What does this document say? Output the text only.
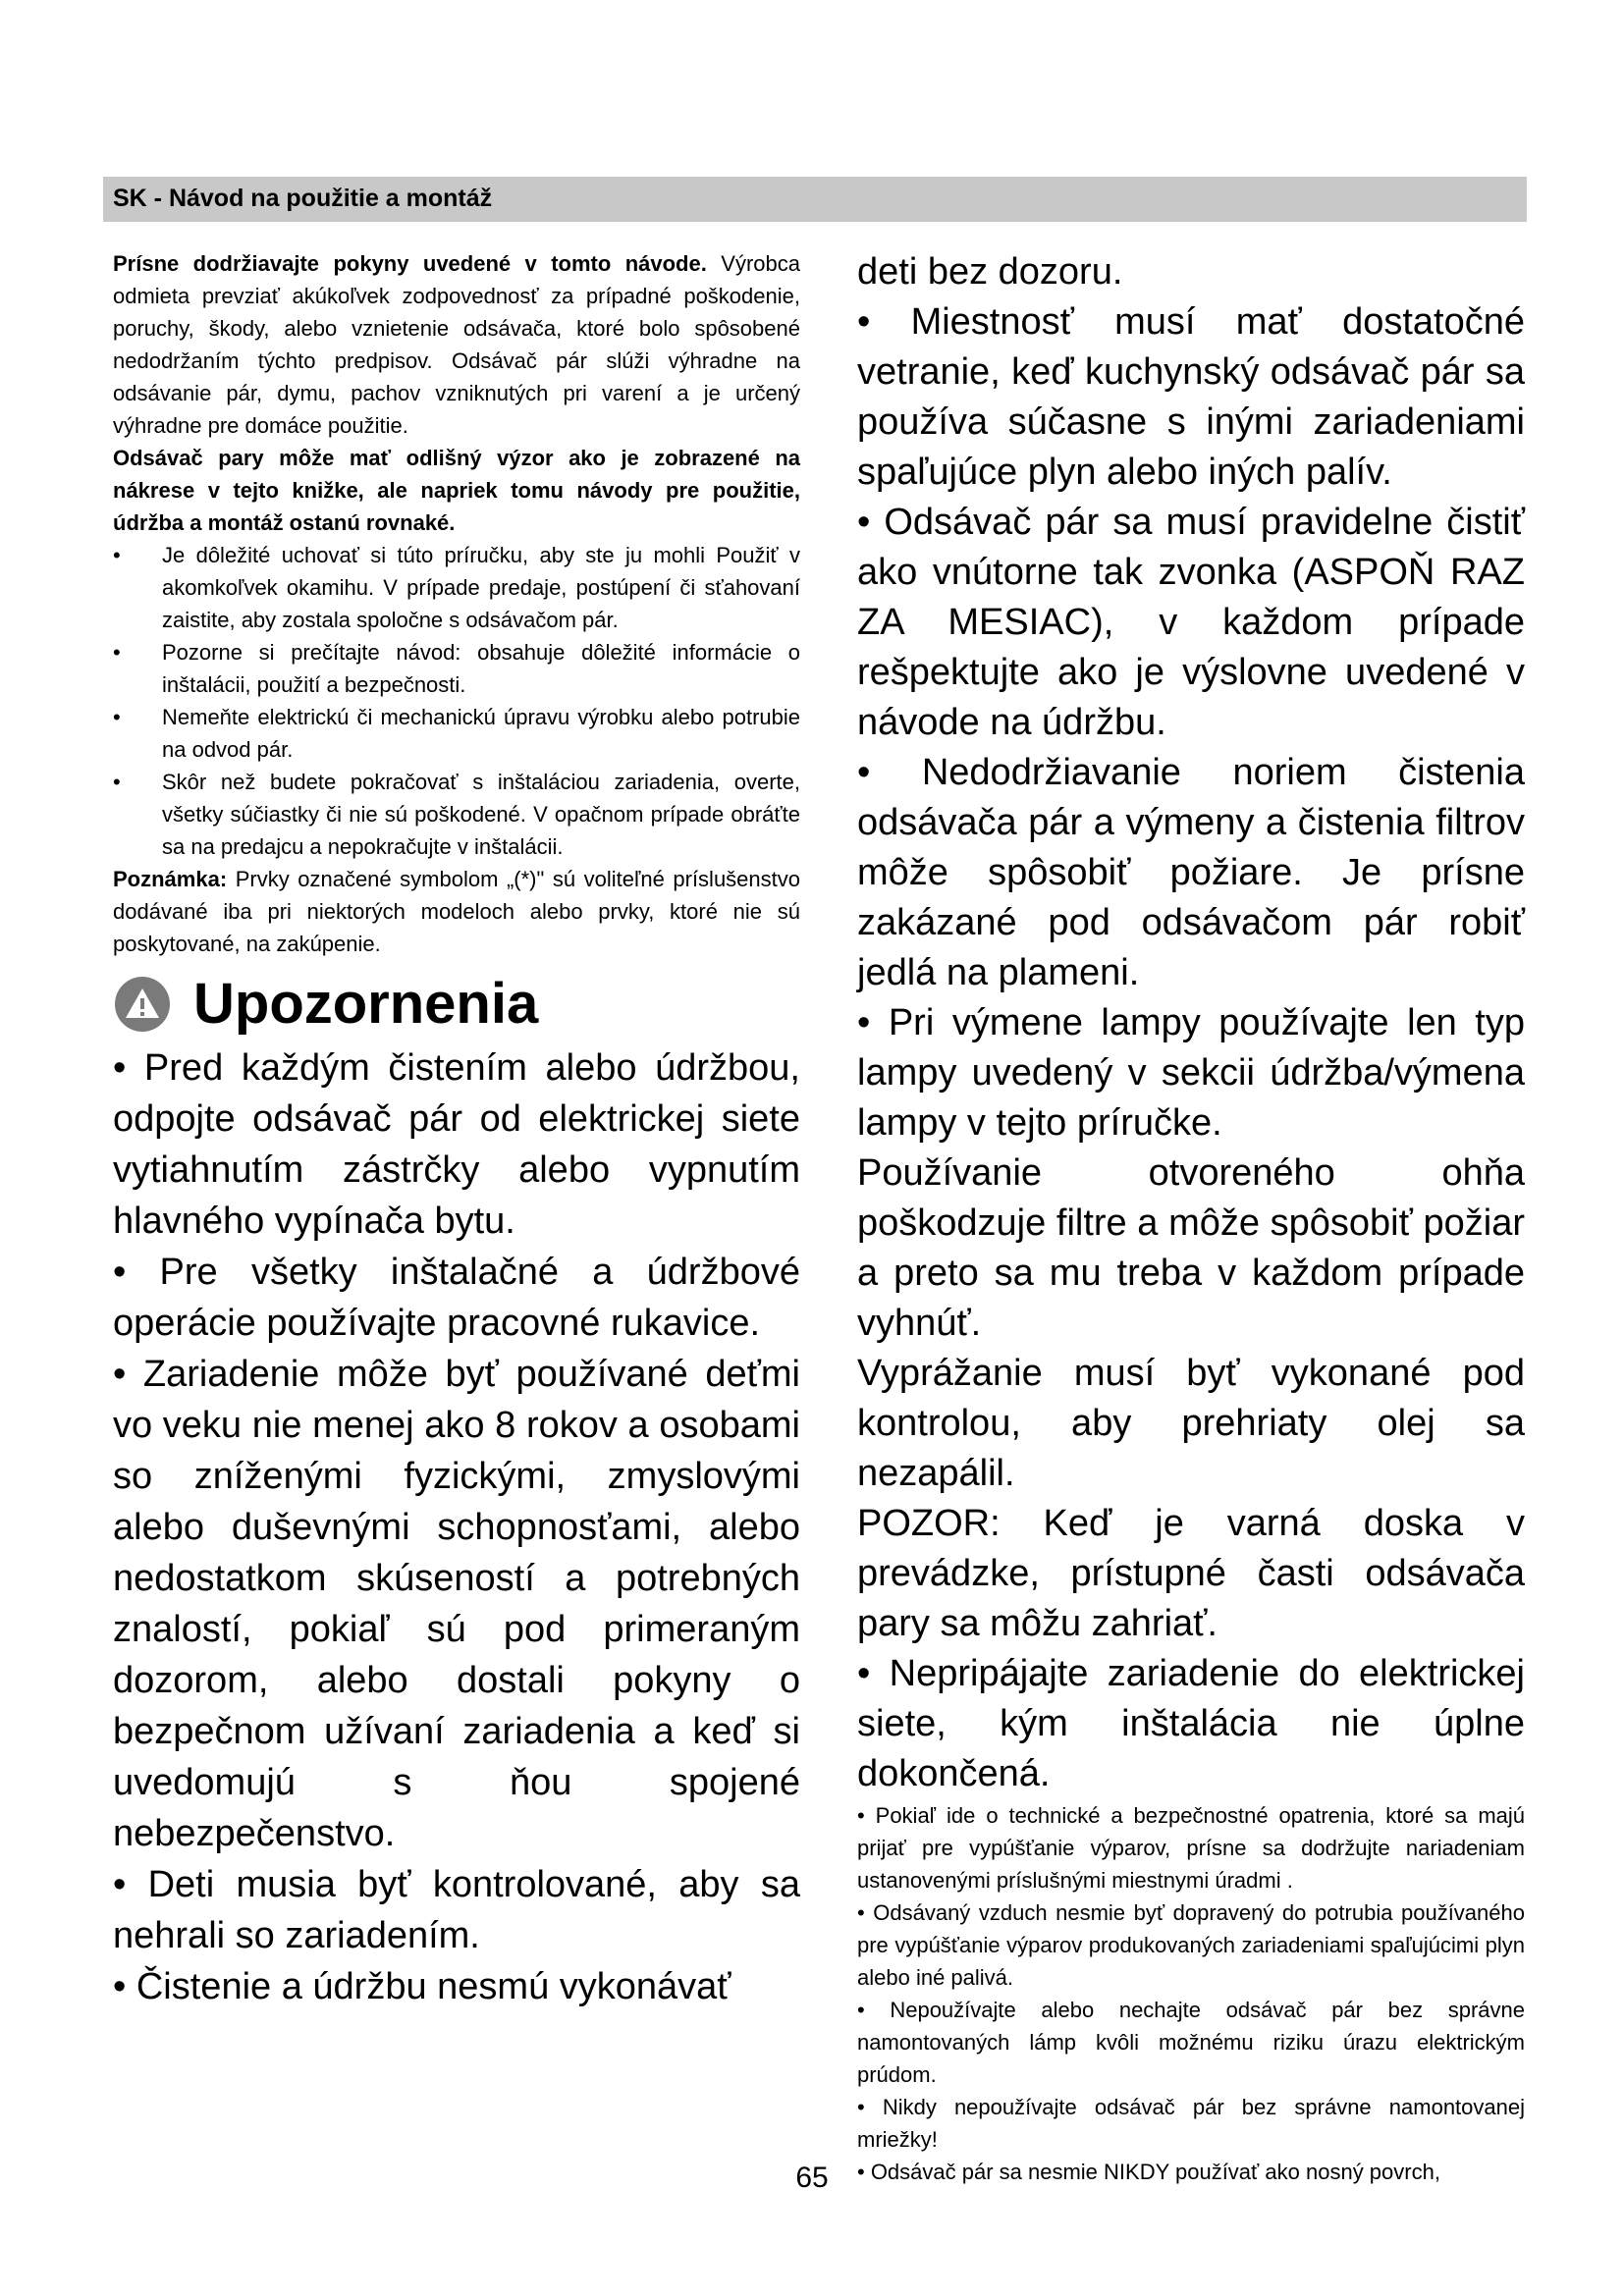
SK - Návod na použitie a montáž

Prísne dodržiavajte pokyny uvedené v tomto návode. Výrobca odmieta prevziať akúkoľvek zodpovednosť za prípadné poškodenie, poruchy, škody, alebo vznietenie odsávača, ktoré bolo spôsobené nedodržaním týchto predpisov. Odsávač pár slúži výhradne na odsávanie pár, dymu, pachov vzniknutých pri varení a je určený výhradne pre domáce použitie.

Odsávač pary môže mať odlišný výzor ako je zobrazené na nákrese v tejto knižke, ale napriek tomu návody pre použitie, údržba a montáž ostanú rovnaké.

• Je dôležité uchovať si túto príručku, aby ste ju mohli Použiť v akomkoľvek okamihu. V prípade predaje, postúpení či sťahovaní zaistite, aby zostala spoločne s odsávačom pár.
• Pozorne si prečítajte návod: obsahuje dôležité informácie o inštalácii, použití a bezpečnosti.
• Nemeňte elektrickú či mechanickú úpravu výrobku alebo potrubie na odvod pár.
• Skôr než budete pokračovať s inštaláciou zariadenia, overte, všetky súčiastky či nie sú poškodené. V opačnom prípade obráťte sa na predajcu a nepokračujte v inštalácii.

Poznámka: Prvky označené symbolom „(*)" sú voliteľné príslušenstvo dodávané iba pri niektorých modeloch alebo prvky, ktoré nie sú poskytované, na zakúpenie.

Upozornenia

• Pred každým čistením alebo údržbou, odpojte odsávač pár od elektrickej siete vytiahnutím zástrčky alebo vypnutím hlavného vypínača bytu.

• Pre všetky inštalačné a údržbové operácie používajte pracovné rukavice.

• Zariadenie môže byť používané deťmi vo veku nie menej ako 8 rokov a osobami so zníženými fyzickými, zmyslovými alebo duševnými schopnosťami, alebo nedostatkom skúseností a potrebných znalostí, pokiaľ sú pod primeraným dozorom, alebo dostali pokyny o bezpečnom užívaní zariadenia a keď si uvedomujú s ňou spojené nebezpečenstvo.

• Deti musia byť kontrolované, aby sa nehrali so zariadením.

• Čistenie a údržbu nesmú vykonávať

deti bez dozoru.

• Miestnosť musí mať dostatočné vetranie, keď kuchynský odsávač pár sa používa súčasne s inými zariadeniami spaľujúce plyn alebo iných palív.

• Odsávač pár sa musí pravidelne čistiť ako vnútorne tak zvonka (ASPOŇ RAZ ZA MESIAC), v každom prípade rešpektujte ako je výslovne uvedené v návode na údržbu.

• Nedodržiavanie noriem čistenia odsávača pár a výmeny a čistenia filtrov môže spôsobiť požiare. Je prísne zakázané pod odsávačom pár robiť jedlá na plameni.

• Pri výmene lampy používajte len typ lampy uvedený v sekcii údržba/výmena lampy v tejto príručke.

Používanie otvoreného ohňa poškodzuje filtre a môže spôsobiť požiar a preto sa mu treba v každom prípade vyhnúť.

Vyprážanie musí byť vykonané pod kontrolou, aby prehriaty olej sa nezapálil.

POZOR: Keď je varná doska v prevádzke, prístupné časti odsávača pary sa môžu zahriať.

• Nepripájajte zariadenie do elektrickej siete, kým inštalácia nie úplne dokončená.

• Pokiaľ ide o technické a bezpečnostné opatrenia, ktoré sa majú prijať pre vypúšťanie výparov, prísne sa dodržujte nariadeniam ustanovenými príslušnými miestnymi úradmi .

• Odsávaný vzduch nesmie byť dopravený do potrubia používaného pre vypúšťanie výparov produkovaných zariadeniami spaľujúcimi plyn alebo iné palivá.

• Nepoužívajte alebo nechajte odsávač pár bez správne namontovaných lámp kvôli možnému riziku úrazu elektrickým prúdom.

• Nikdy nepoužívajte odsávač pár bez správne namontovanej mriežky!

• Odsávač pár sa nesmie NIKDY používať ako nosný povrch,

65
